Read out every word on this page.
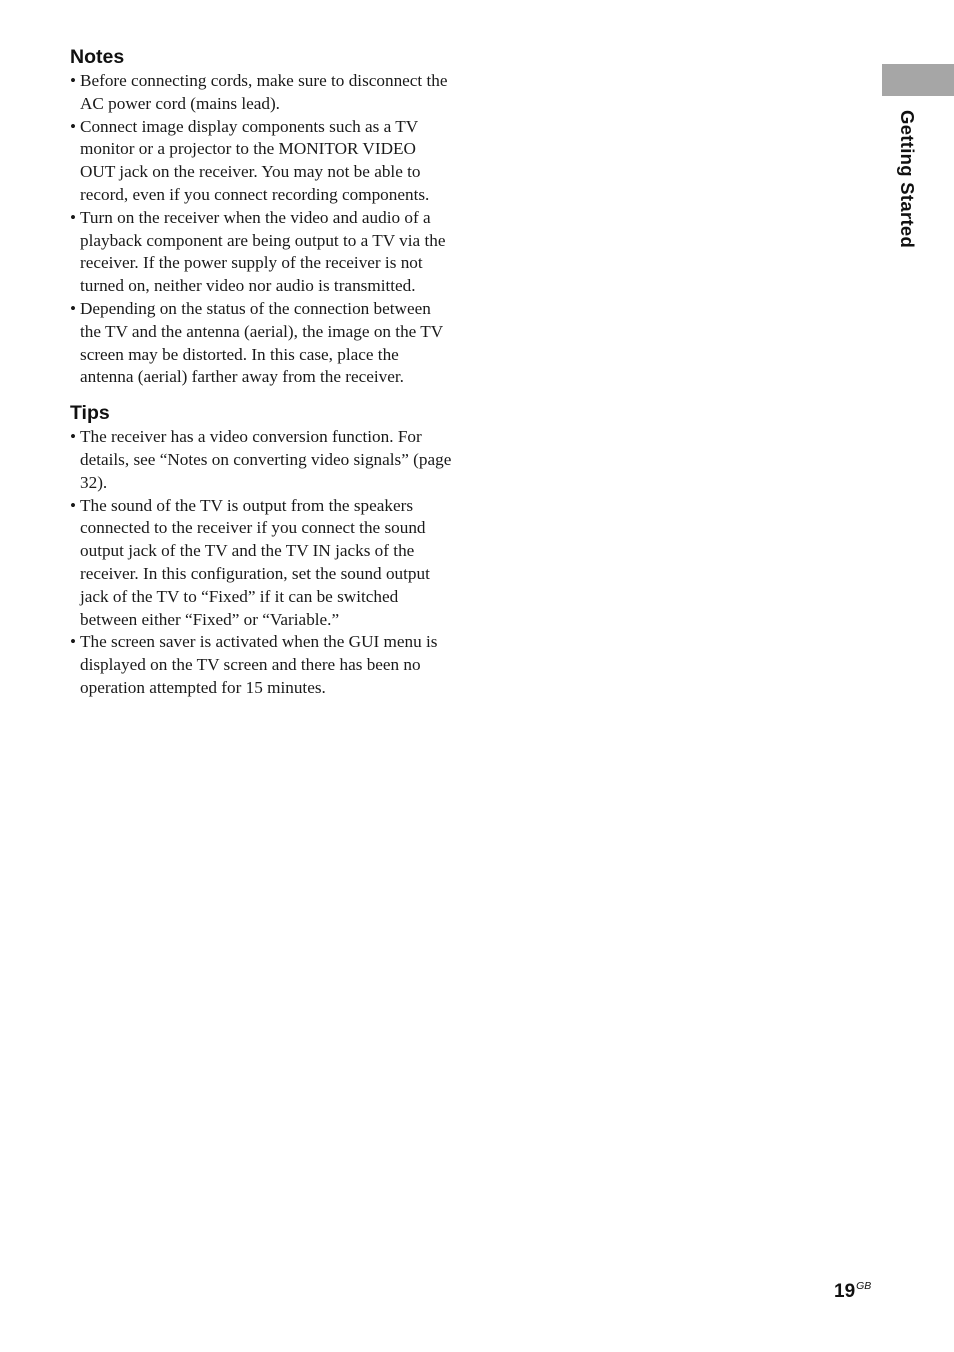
Getting Started
Notes
• Before connecting cords, make sure to disconnect the AC power cord (mains lead).
• Connect image display components such as a TV monitor or a projector to the MONITOR VIDEO OUT jack on the receiver. You may not be able to record, even if you connect recording components.
• Turn on the receiver when the video and audio of a playback component are being output to a TV via the receiver. If the power supply of the receiver is not turned on, neither video nor audio is transmitted.
• Depending on the status of the connection between the TV and the antenna (aerial), the image on the TV screen may be distorted. In this case, place the antenna (aerial) farther away from the receiver.
Tips
• The receiver has a video conversion function. For details, see “Notes on converting video signals” (page 32).
• The sound of the TV is output from the speakers connected to the receiver if you connect the sound output jack of the TV and the TV IN jacks of the receiver. In this configuration, set the sound output jack of the TV to “Fixed” if it can be switched between either “Fixed” or “Variable.”
• The screen saver is activated when the GUI menu is displayed on the TV screen and there has been no operation attempted for 15 minutes.
$19^{GB}$
